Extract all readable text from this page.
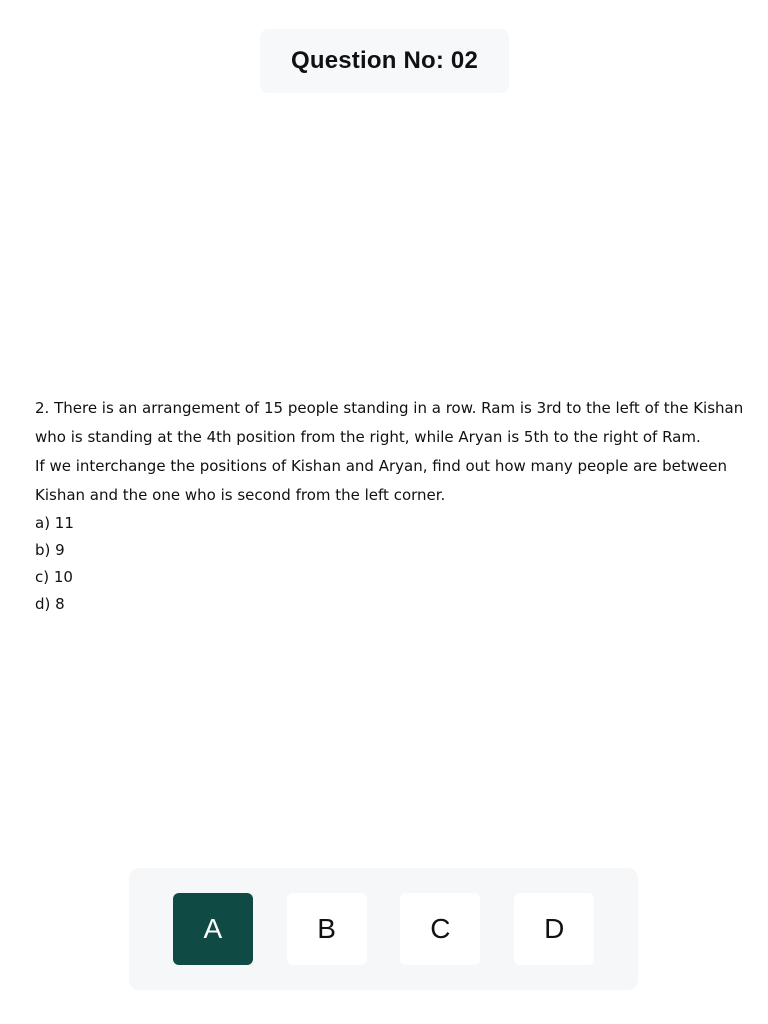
Question No: 02

2. There is an arrangement of 15 people standing in a row. Ram is 3rd to the left of the Kishan who is standing at the 4th position from the right, while Aryan is 5th to the right of Ram.

If we interchange the positions of Kishan and Aryan, find out how many people are between Kishan and the one who is second from the left corner.

a) 11
b) 9
c) 10
d) 8
A	B	C	D
